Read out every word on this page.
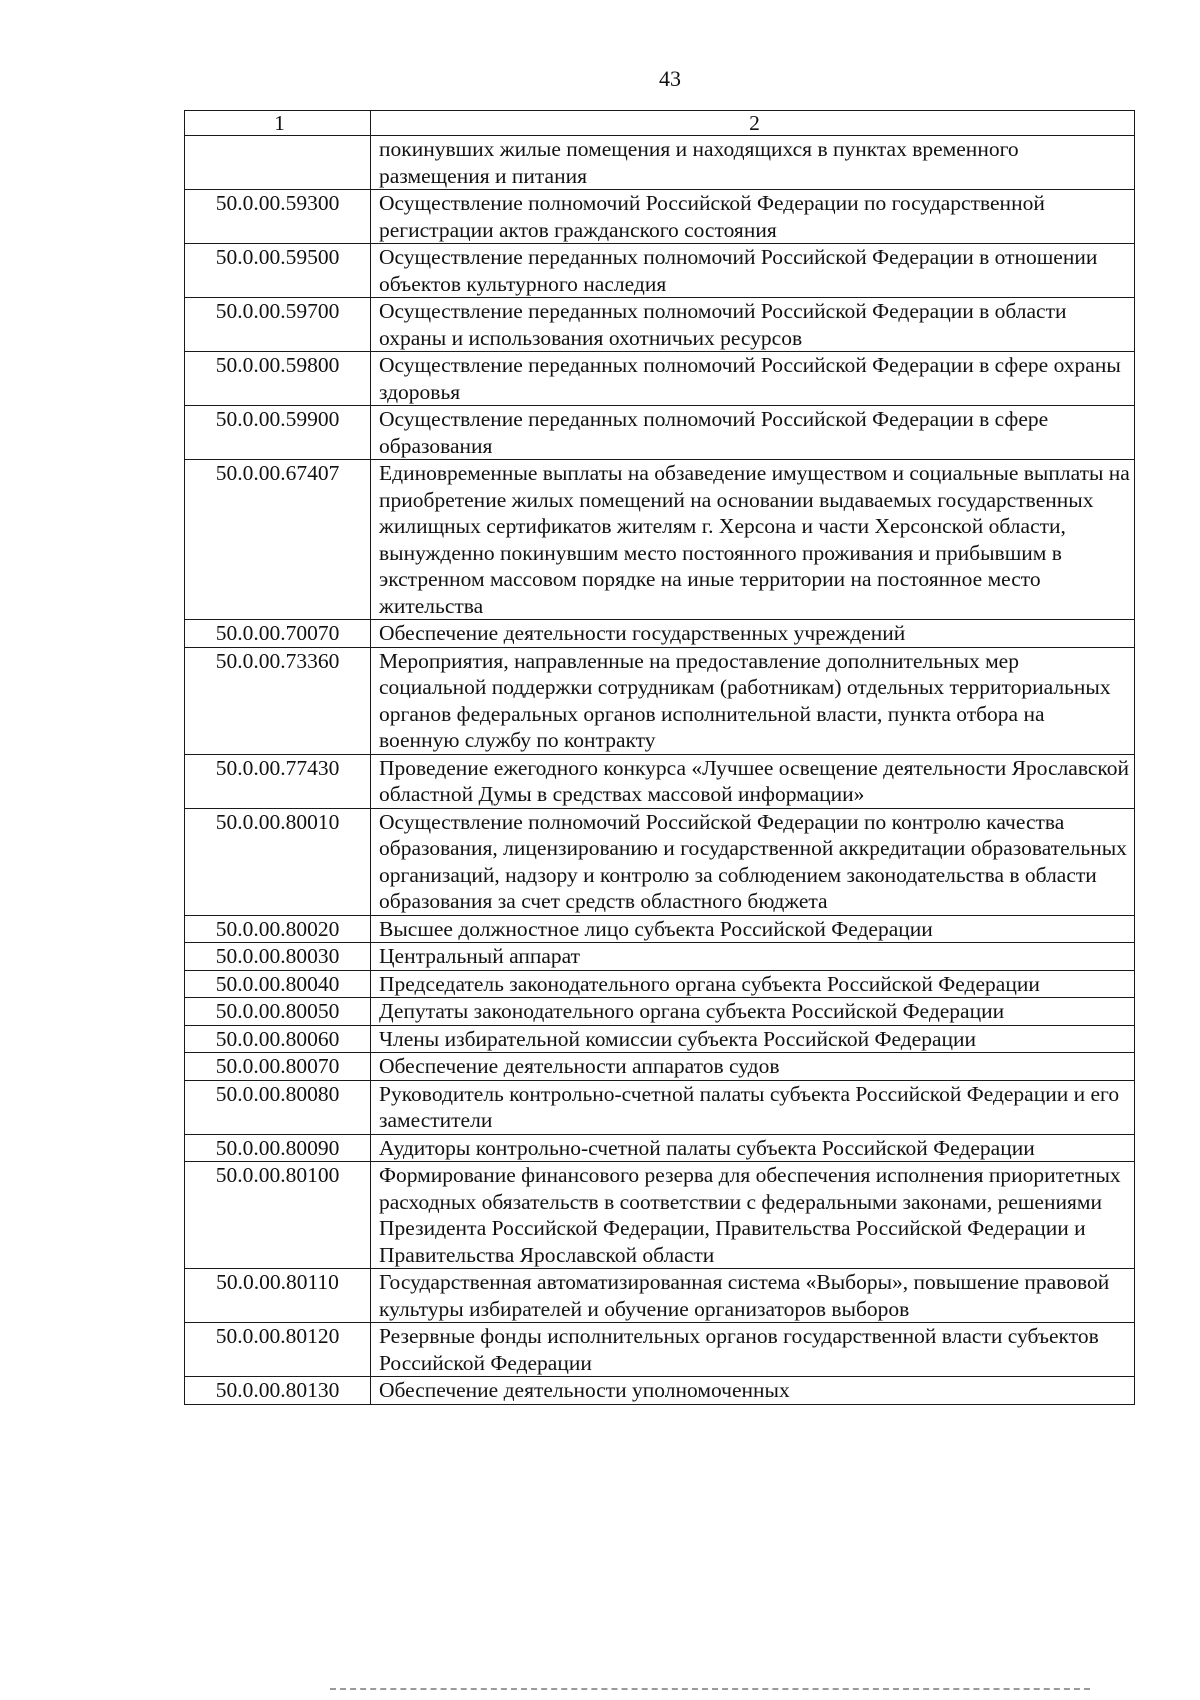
43
1	2
	покинувших жилые помещения и находящихся в пунктах временного размещения и питания
50.0.00.59300	Осуществление полномочий Российской Федерации по государственной регистрации актов гражданского состояния
50.0.00.59500	Осуществление переданных полномочий Российской Федерации в отношении объектов культурного наследия
50.0.00.59700	Осуществление переданных полномочий Российской Федерации в области охраны и использования охотничьих ресурсов
50.0.00.59800	Осуществление переданных полномочий Российской Федерации в сфере охраны здоровья
50.0.00.59900	Осуществление переданных полномочий Российской Федерации в сфере образования
50.0.00.67407	Единовременные выплаты на обзаведение имуществом и социальные выплаты на приобретение жилых помещений на основании выдаваемых государственных жилищных сертификатов жителям г. Херсона и части Херсонской области, вынужденно покинувшим место постоянного проживания и прибывшим в экстренном массовом порядке на иные территории на постоянное место жительства
50.0.00.70070	Обеспечение деятельности государственных учреждений
50.0.00.73360	Мероприятия, направленные на предоставление дополнительных мер социальной поддержки сотрудникам (работникам) отдельных территориальных органов федеральных органов исполнительной власти, пункта отбора на военную службу по контракту
50.0.00.77430	Проведение ежегодного конкурса «Лучшее освещение деятельности Ярославской областной Думы в средствах массовой информации»
50.0.00.80010	Осуществление полномочий Российской Федерации по контролю качества образования, лицензированию и государственной аккредитации образовательных организаций, надзору и контролю за соблюдением законодательства в области образования за счет средств областного бюджета
50.0.00.80020	Высшее должностное лицо субъекта Российской Федерации
50.0.00.80030	Центральный аппарат
50.0.00.80040	Председатель законодательного органа субъекта Российской Федерации
50.0.00.80050	Депутаты законодательного органа субъекта Российской Федерации
50.0.00.80060	Члены избирательной комиссии субъекта Российской Федерации
50.0.00.80070	Обеспечение деятельности аппаратов судов
50.0.00.80080	Руководитель контрольно-счетной палаты субъекта Российской Федерации и его заместители
50.0.00.80090	Аудиторы контрольно-счетной палаты субъекта Российской Федерации
50.0.00.80100	Формирование финансового резерва для обеспечения исполнения приоритетных расходных обязательств в соответствии с федеральными законами, решениями Президента Российской Федерации, Правительства Российской Федерации и Правительства Ярославской области
50.0.00.80110	Государственная автоматизированная система «Выборы», повышение правовой культуры избирателей и обучение организаторов выборов
50.0.00.80120	Резервные фонды исполнительных органов государственной власти субъектов Российской Федерации
50.0.00.80130	Обеспечение деятельности уполномоченных
